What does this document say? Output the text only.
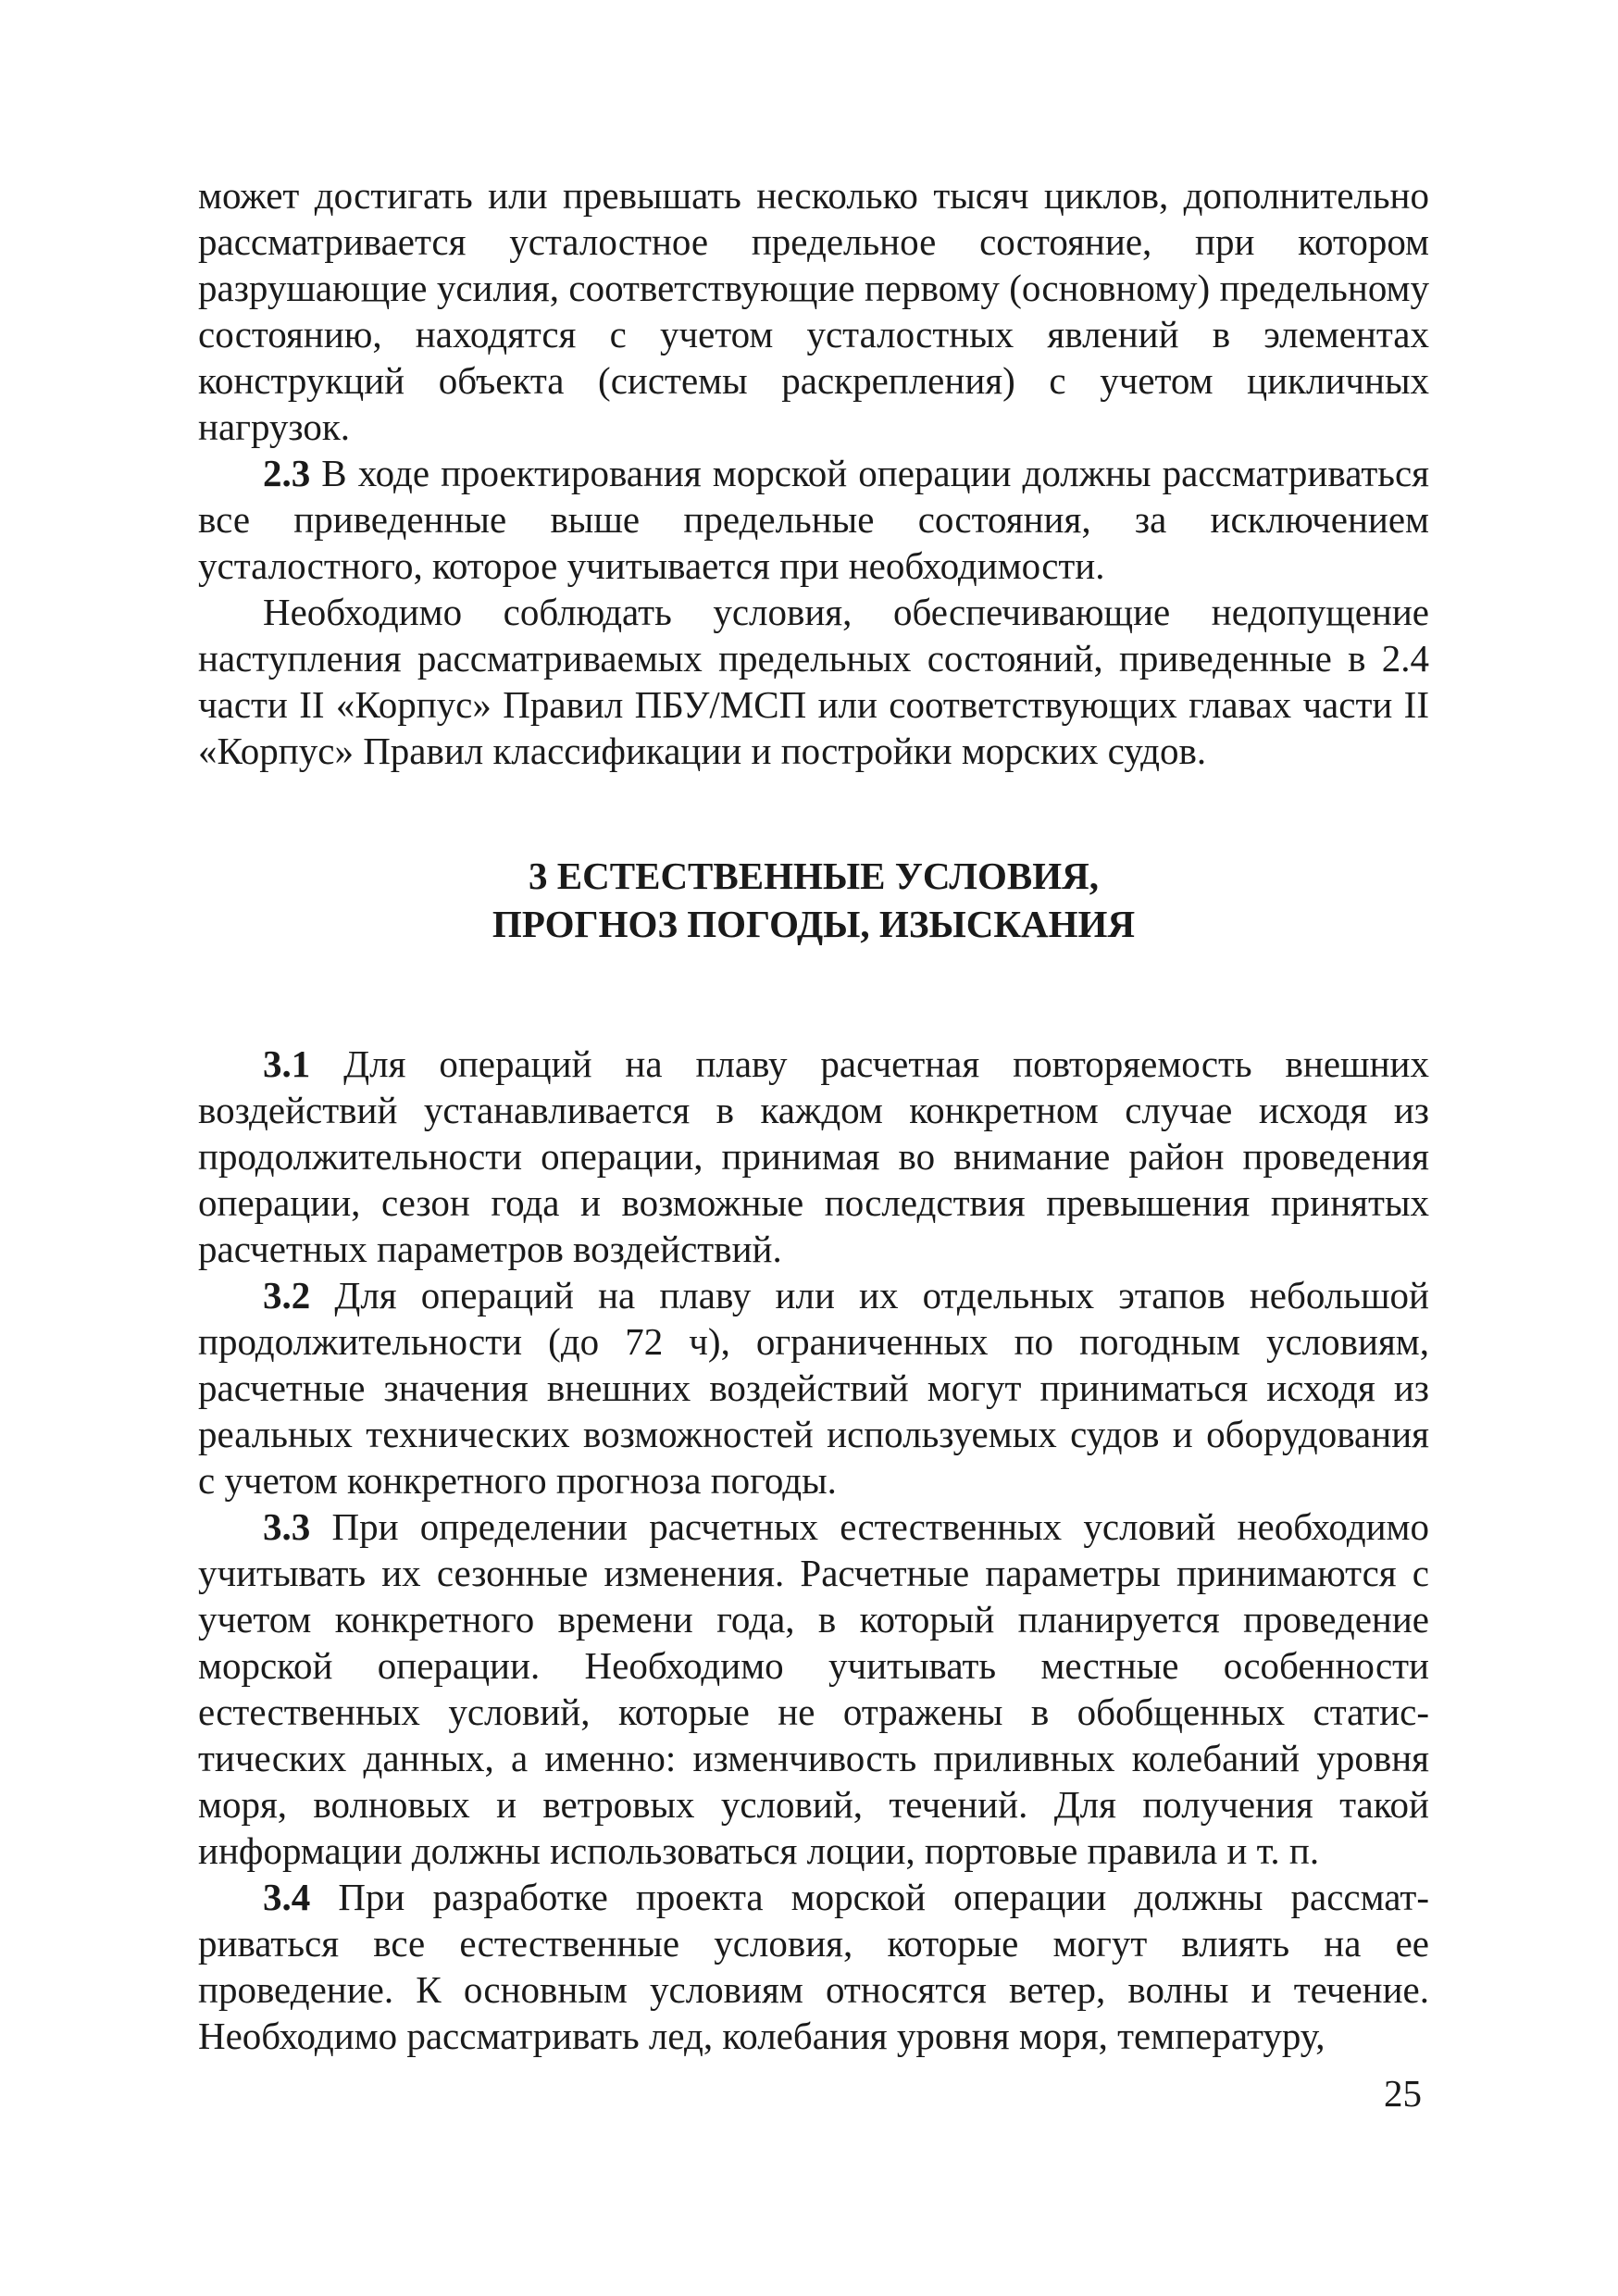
может достигать или превышать несколько тысяч циклов, дополнительно рассматривается усталостное предельное состояние, при котором разрушающие усилия, соответствующие первому (основному) предельному состоянию, находятся с учетом усталостных явлений в элементах конструкций объекта (системы раскрепления) с учетом цикличных нагрузок.

2.3 В ходе проектирования морской операции должны рассматриваться все приведенные выше предельные состояния, за исключением усталостного, которое учитывается при необходимости.

Необходимо соблюдать условия, обеспечивающие недопущение наступления рассматриваемых предельных состояний, приведенные в 2.4 части II «Корпус» Правил ПБУ/МСП или соответствующих главах части II «Корпус» Правил классификации и постройки морских судов.

3 ЕСТЕСТВЕННЫЕ УСЛОВИЯ,
ПРОГНОЗ ПОГОДЫ, ИЗЫСКАНИЯ

3.1 Для операций на плаву расчетная повторяемость внешних воздействий устанавливается в каждом конкретном случае исходя из продолжительности операции, принимая во внимание район проведения операции, сезон года и возможные последствия превышения принятых расчетных параметров воздействий.

3.2 Для операций на плаву или их отдельных этапов небольшой продолжительности (до 72 ч), ограниченных по погодным условиям, расчетные значения внешних воздействий могут приниматься исходя из реальных технических возможностей используемых судов и оборудования с учетом конкретного прогноза погоды.

3.3 При определении расчетных естественных условий необходимо учитывать их сезонные изменения. Расчетные параметры принимаются с учетом конкретного времени года, в который планируется проведение морской операции. Необходимо учитывать местные особенности естественных условий, которые не отражены в обобщенных статистических данных, а именно: изменчивость приливных колебаний уровня моря, волновых и ветровых условий, течений. Для получения такой информации должны использоваться лоции, портовые правила и т. п.

3.4 При разработке проекта морской операции должны рассматриваться все естественные условия, которые могут влиять на ее проведение. К основным условиям относятся ветер, волны и течение. Необходимо рассматривать лед, колебания уровня моря, температуру,

25
